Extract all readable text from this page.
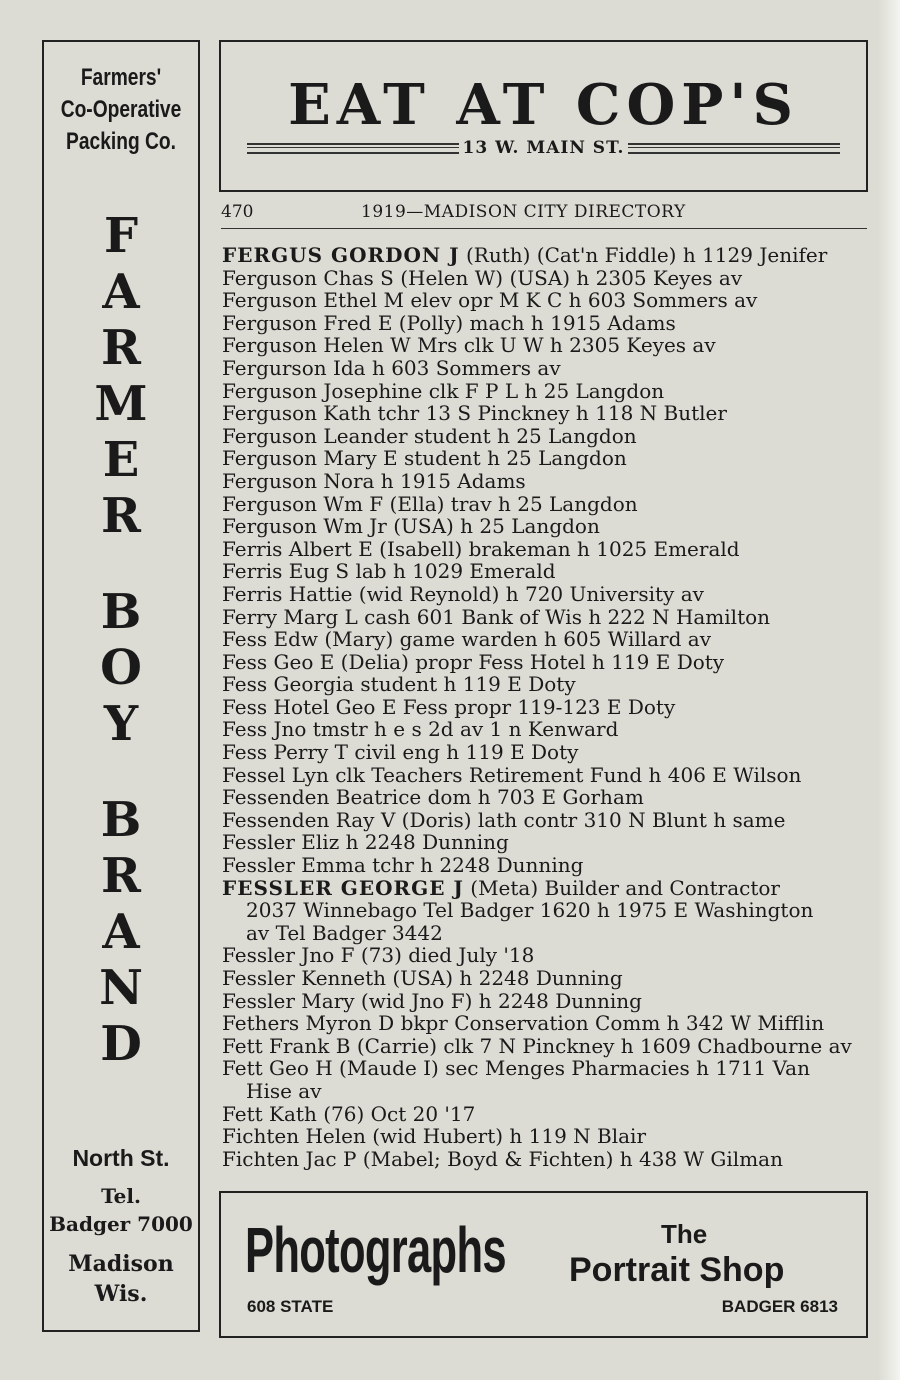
Farmers'
Co-Operative
Packing Co.
F
A
R
M
E
R
B
O
Y
B
R
A
N
D
North St.
Tel.
Badger 7000
Madison
Wis.
EAT AT COP'S
13 W. MAIN ST.
470	1919—MADISON CITY DIRECTORY
FERGUS GORDON J (Ruth) (Cat'n Fiddle) h 1129 Jenifer
Ferguson Chas S (Helen W) (USA) h 2305 Keyes av
Ferguson Ethel M elev opr M K C h 603 Sommers av
Ferguson Fred E (Polly) mach h 1915 Adams
Ferguson Helen W Mrs clk U W h 2305 Keyes av
Fergurson Ida h 603 Sommers av
Ferguson Josephine clk F P L h 25 Langdon
Ferguson Kath tchr 13 S Pinckney h 118 N Butler
Ferguson Leander student h 25 Langdon
Ferguson Mary E student h 25 Langdon
Ferguson Nora h 1915 Adams
Ferguson Wm F (Ella) trav h 25 Langdon
Ferguson Wm Jr (USA) h 25 Langdon
Ferris Albert E (Isabell) brakeman h 1025 Emerald
Ferris Eug S lab h 1029 Emerald
Ferris Hattie (wid Reynold) h 720 University av
Ferry Marg L cash 601 Bank of Wis h 222 N Hamilton
Fess Edw (Mary) game warden h 605 Willard av
Fess Geo E (Delia) propr Fess Hotel h 119 E Doty
Fess Georgia student h 119 E Doty
Fess Hotel Geo E Fess propr 119-123 E Doty
Fess Jno tmstr h e s 2d av 1 n Kenward
Fess Perry T civil eng h 119 E Doty
Fessel Lyn clk Teachers Retirement Fund h 406 E Wilson
Fessenden Beatrice dom h 703 E Gorham
Fessenden Ray V (Doris) lath contr 310 N Blunt h same
Fessler Eliz h 2248 Dunning
Fessler Emma tchr h 2248 Dunning
FESSLER GEORGE J (Meta) Builder and Contractor
2037 Winnebago Tel Badger 1620 h 1975 E Washington
av Tel Badger 3442
Fessler Jno F (73) died July '18
Fessler Kenneth (USA) h 2248 Dunning
Fessler Mary (wid Jno F) h 2248 Dunning
Fethers Myron D bkpr Conservation Comm h 342 W Mifflin
Fett Frank B (Carrie) clk 7 N Pinckney h 1609 Chadbourne av
Fett Geo H (Maude I) sec Menges Pharmacies h 1711 Van
Hise av
Fett Kath (76) Oct 20 '17
Fichten Helen (wid Hubert) h 119 N Blair
Fichten Jac P (Mabel; Boyd & Fichten) h 438 W Gilman
Photographs	The
Portrait Shop
608 STATE	BADGER 6813
